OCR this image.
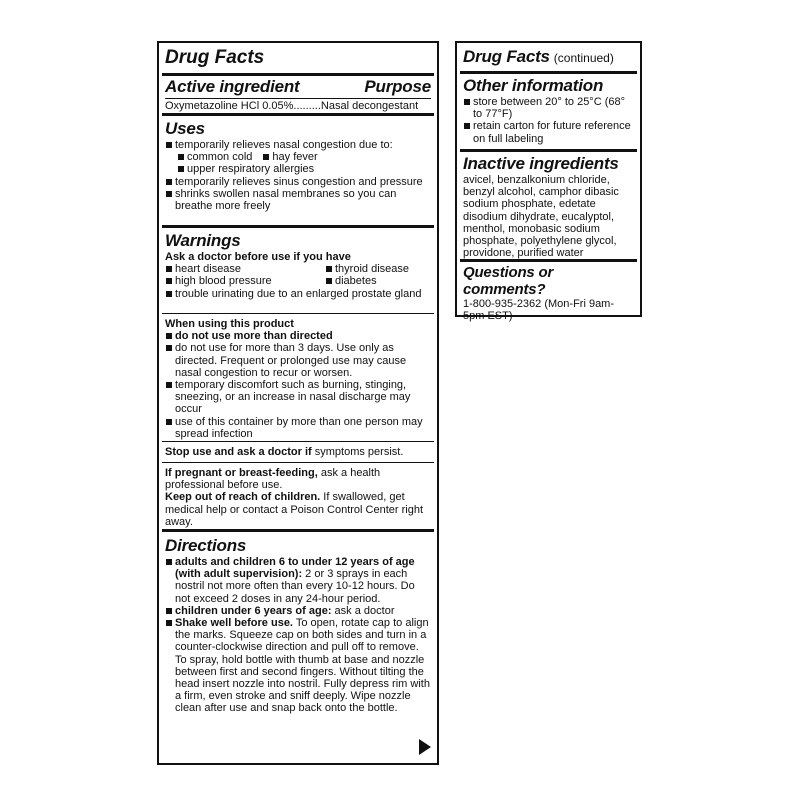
Drug Facts
Active ingredient	Purpose
Oxymetazoline HCl 0.05%.........Nasal decongestant
Uses
temporarily relieves nasal congestion due to:
common cold	hay fever
upper respiratory allergies
temporarily relieves sinus congestion and pressure
shrinks swollen nasal membranes so you can breathe more freely
Warnings
Ask a doctor before use if you have
heart disease	thyroid disease
high blood pressure	diabetes
trouble urinating due to an enlarged prostate gland
When using this product
do not use more than directed
do not use for more than 3 days. Use only as directed. Frequent or prolonged use may cause nasal congestion to recur or worsen.
temporary discomfort such as burning, stinging, sneezing, or an increase in nasal discharge may occur
use of this container by more than one person may spread infection
Stop use and ask a doctor if symptoms persist.
If pregnant or breast-feeding, ask a health professional before use.
Keep out of reach of children. If swallowed, get medical help or contact a Poison Control Center right away.
Directions
adults and children 6 to under 12 years of age (with adult supervision): 2 or 3 sprays in each nostril not more often than every 10-12 hours. Do not exceed 2 doses in any 24-hour period.
children under 6 years of age: ask a doctor
Shake well before use. To open, rotate cap to align the marks. Squeeze cap on both sides and turn in a counter-clockwise direction and pull off to remove. To spray, hold bottle with thumb at base and nozzle between first and second fingers. Without tilting the head insert nozzle into nostril. Fully depress rim with a firm, even stroke and sniff deeply. Wipe nozzle clean after use and snap back onto the bottle.
Drug Facts (continued)
Other information
store between 20° to 25°C (68° to 77°F)
retain carton for future reference on full labeling
Inactive ingredients
avicel, benzalkonium chloride, benzyl alcohol, camphor dibasic sodium phosphate, edetate disodium dihydrate, eucalyptol, menthol, monobasic sodium phosphate, polyethylene glycol, providone, purified water
Questions or comments?
1-800-935-2362 (Mon-Fri 9am-5pm EST)
